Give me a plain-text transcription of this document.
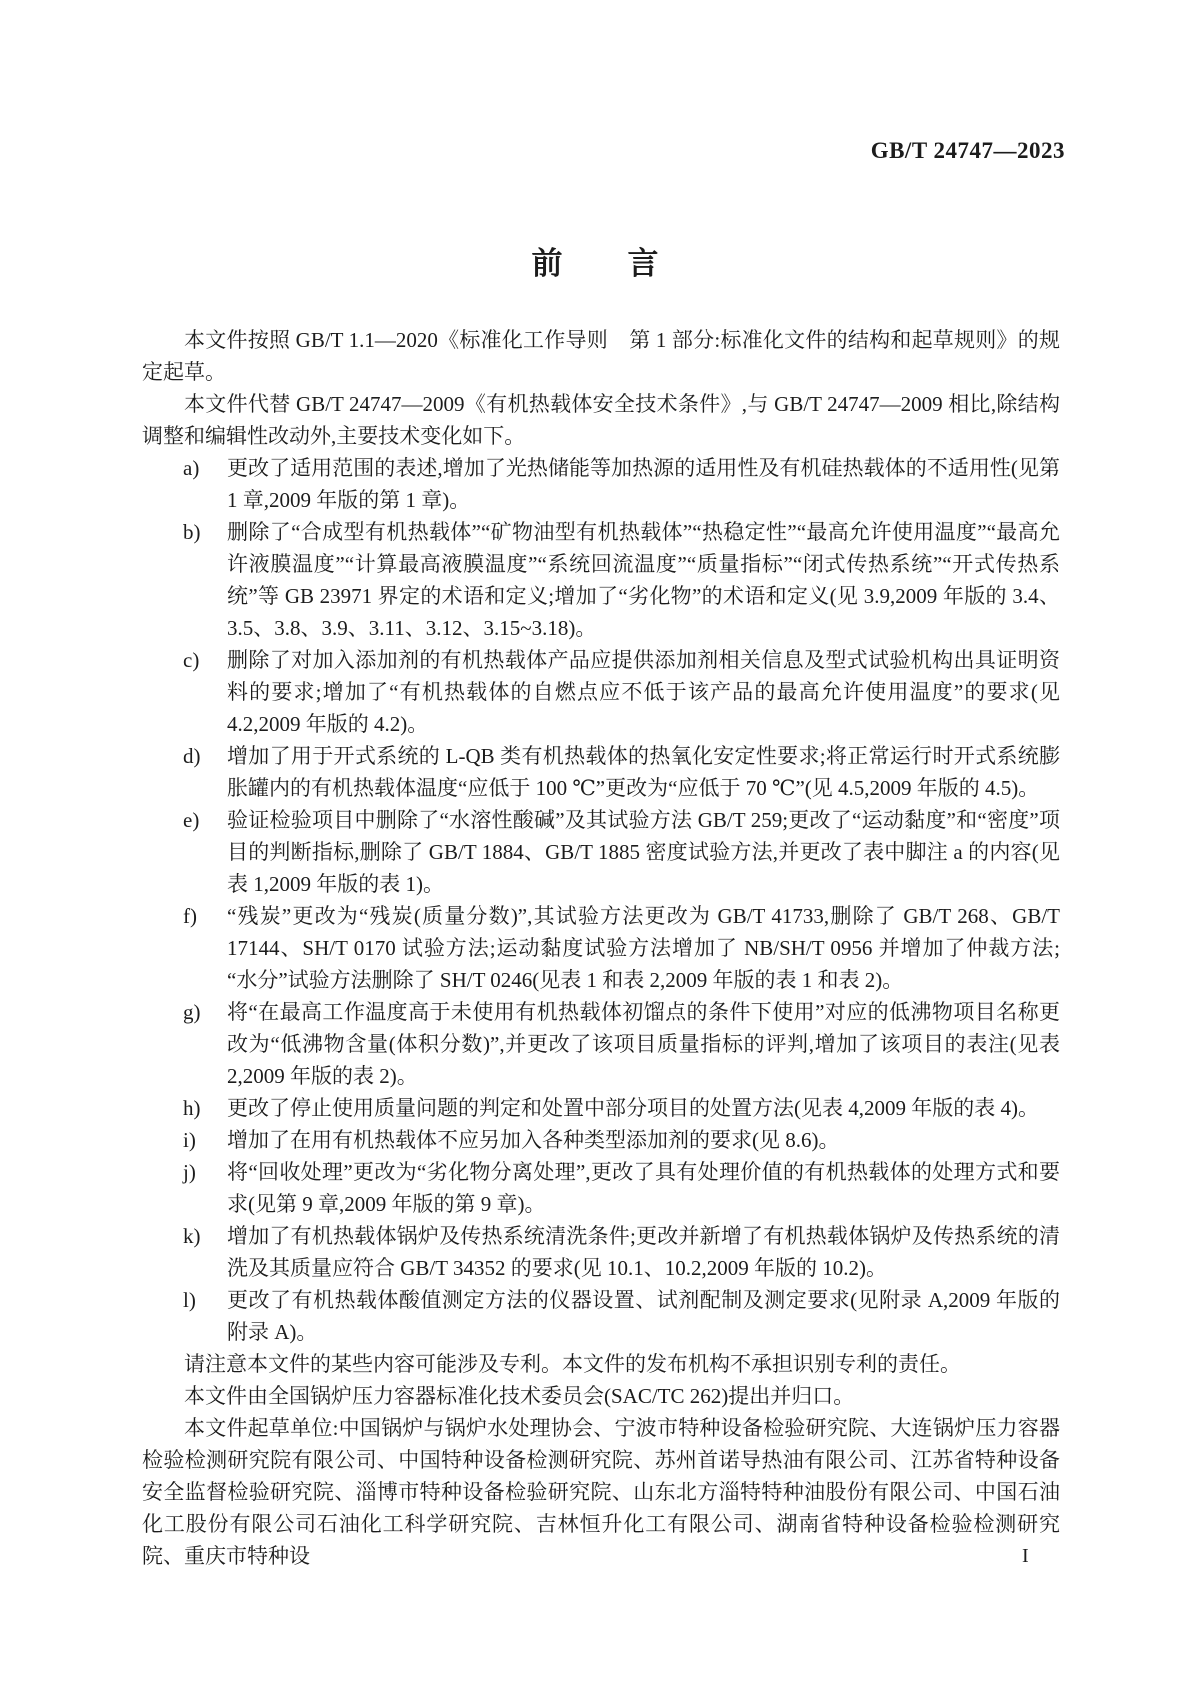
GB/T 24747—2023
前　　言

本文件按照 GB/T 1.1—2020《标准化工作导则　第 1 部分:标准化文件的结构和起草规则》的规定起草。

本文件代替 GB/T 24747—2009《有机热载体安全技术条件》,与 GB/T 24747—2009 相比,除结构调整和编辑性改动外,主要技术变化如下。

a)	更改了适用范围的表述,增加了光热储能等加热源的适用性及有机硅热载体的不适用性(见第 1 章,2009 年版的第 1 章)。
b)	删除了“合成型有机热载体”“矿物油型有机热载体”“热稳定性”“最高允许使用温度”“最高允许液膜温度”“计算最高液膜温度”“系统回流温度”“质量指标”“闭式传热系统”“开式传热系统”等 GB 23971 界定的术语和定义;增加了“劣化物”的术语和定义(见 3.9,2009 年版的 3.4、3.5、3.8、3.9、3.11、3.12、3.15~3.18)。
c)	删除了对加入添加剂的有机热载体产品应提供添加剂相关信息及型式试验机构出具证明资料的要求;增加了“有机热载体的自燃点应不低于该产品的最高允许使用温度”的要求(见 4.2,2009 年版的 4.2)。
d)	增加了用于开式系统的 L-QB 类有机热载体的热氧化安定性要求;将正常运行时开式系统膨胀罐内的有机热载体温度“应低于 100 ℃”更改为“应低于 70 ℃”(见 4.5,2009 年版的 4.5)。
e)	验证检验项目中删除了“水溶性酸碱”及其试验方法 GB/T 259;更改了“运动黏度”和“密度”项目的判断指标,删除了 GB/T 1884、GB/T 1885 密度试验方法,并更改了表中脚注 a 的内容(见表 1,2009 年版的表 1)。
f)	“残炭”更改为“残炭(质量分数)”,其试验方法更改为 GB/T 41733,删除了 GB/T 268、GB/T 17144、SH/T 0170 试验方法;运动黏度试验方法增加了 NB/SH/T 0956 并增加了仲裁方法;“水分”试验方法删除了 SH/T 0246(见表 1 和表 2,2009 年版的表 1 和表 2)。
g)	将“在最高工作温度高于未使用有机热载体初馏点的条件下使用”对应的低沸物项目名称更改为“低沸物含量(体积分数)”,并更改了该项目质量指标的评判,增加了该项目的表注(见表 2,2009 年版的表 2)。
h)	更改了停止使用质量问题的判定和处置中部分项目的处置方法(见表 4,2009 年版的表 4)。
i)	增加了在用有机热载体不应另加入各种类型添加剂的要求(见 8.6)。
j)	将“回收处理”更改为“劣化物分离处理”,更改了具有处理价值的有机热载体的处理方式和要求(见第 9 章,2009 年版的第 9 章)。
k)	增加了有机热载体锅炉及传热系统清洗条件;更改并新增了有机热载体锅炉及传热系统的清洗及其质量应符合 GB/T 34352 的要求(见 10.1、10.2,2009 年版的 10.2)。
l)	更改了有机热载体酸值测定方法的仪器设置、试剂配制及测定要求(见附录 A,2009 年版的附录 A)。

请注意本文件的某些内容可能涉及专利。本文件的发布机构不承担识别专利的责任。

本文件由全国锅炉压力容器标准化技术委员会(SAC/TC 262)提出并归口。

本文件起草单位:中国锅炉与锅炉水处理协会、宁波市特种设备检验研究院、大连锅炉压力容器检验检测研究院有限公司、中国特种设备检测研究院、苏州首诺导热油有限公司、江苏省特种设备安全监督检验研究院、淄博市特种设备检验研究院、山东北方淄特特种油股份有限公司、中国石油化工股份有限公司石油化工科学研究院、吉林恒升化工有限公司、湖南省特种设备检验检测研究院、重庆市特种设	I
